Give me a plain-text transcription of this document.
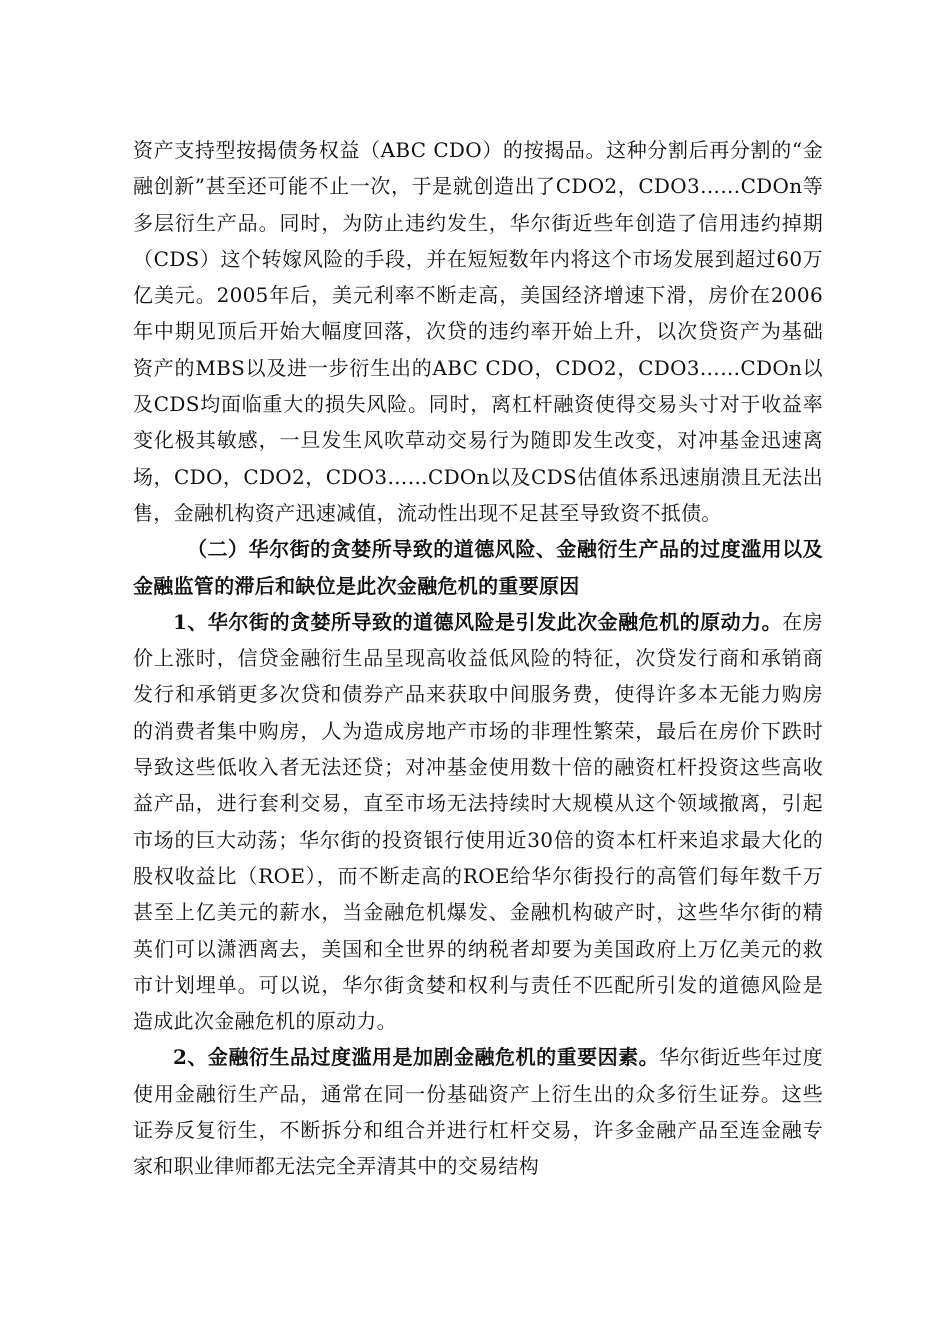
资产支持型按揭债务权益（ABC CDO）的按揭品。这种分割后再分割的“金融创新”甚至还可能不止一次，于是就创造出了CDO2，CDO3……CDOn等多层衍生产品。同时，为防止违约发生，华尔街近些年创造了信用违约掉期（CDS）这个转嫁风险的手段，并在短短数年内将这个市场发展到超过60万亿美元。2005年后，美元利率不断走高，美国经济增速下滑，房价在2006年中期见顶后开始大幅度回落，次贷的违约率开始上升，以次贷资产为基础资产的MBS以及进一步衍生出的ABC CDO，CDO2，CDO3……CDOn以及CDS均面临重大的损失风险。同时，离杠杆融资使得交易头寸对于收益率变化极其敏感，一旦发生风吹草动交易行为随即发生改变，对冲基金迅速离场，CDO，CDO2，CDO3……CDOn以及CDS估值体系迅速崩溃且无法出售，金融机构资产迅速减值，流动性出现不足甚至导致资不抵债。

（二）华尔街的贪婪所导致的道德风险、金融衍生产品的过度滥用以及金融监管的滞后和缺位是此次金融危机的重要原因

1、华尔街的贪婪所导致的道德风险是引发此次金融危机的原动力。在房价上涨时，信贷金融衍生品呈现高收益低风险的特征，次贷发行商和承销商发行和承销更多次贷和债券产品来获取中间服务费，使得许多本无能力购房的消费者集中购房，人为造成房地产市场的非理性繁荣，最后在房价下跌时导致这些低收入者无法还贷；对冲基金使用数十倍的融资杠杆投资这些高收益产品，进行套利交易，直至市场无法持续时大规模从这个领域撤离，引起市场的巨大动荡；华尔街的投资银行使用近30倍的资本杠杆来追求最大化的股权收益比（ROE），而不断走高的ROE给华尔街投行的高管们每年数千万甚至上亿美元的薪水，当金融危机爆发、金融机构破产时，这些华尔街的精英们可以潇洒离去，美国和全世界的纳税者却要为美国政府上万亿美元的救市计划埋单。可以说，华尔街贪婪和权利与责任不匹配所引发的道德风险是造成此次金融危机的原动力。

2、金融衍生品过度滥用是加剧金融危机的重要因素。华尔街近些年过度使用金融衍生产品，通常在同一份基础资产上衍生出的众多衍生证券。这些证券反复衍生，不断拆分和组合并进行杠杆交易，许多金融产品至连金融专家和职业律师都无法完全弄清其中的交易结构
